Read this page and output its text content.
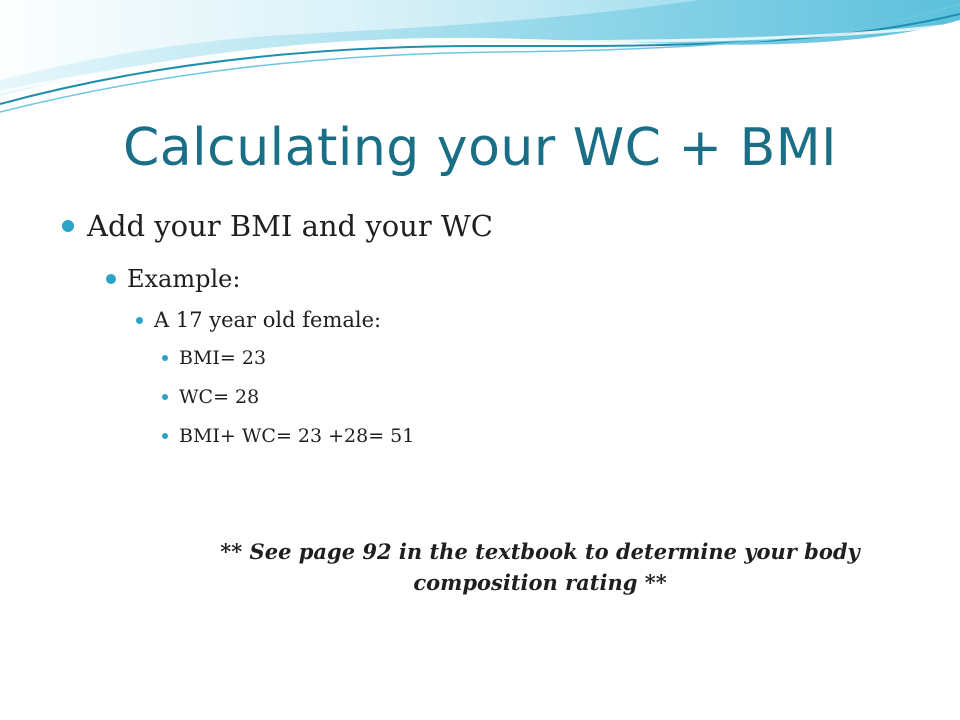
Calculating your WC + BMI
Add your BMI and your WC
Example:
A 17 year old female:
BMI= 23
WC= 28
BMI+ WC= 23 +28= 51
** See page 92 in the textbook to determine your body
composition rating **
